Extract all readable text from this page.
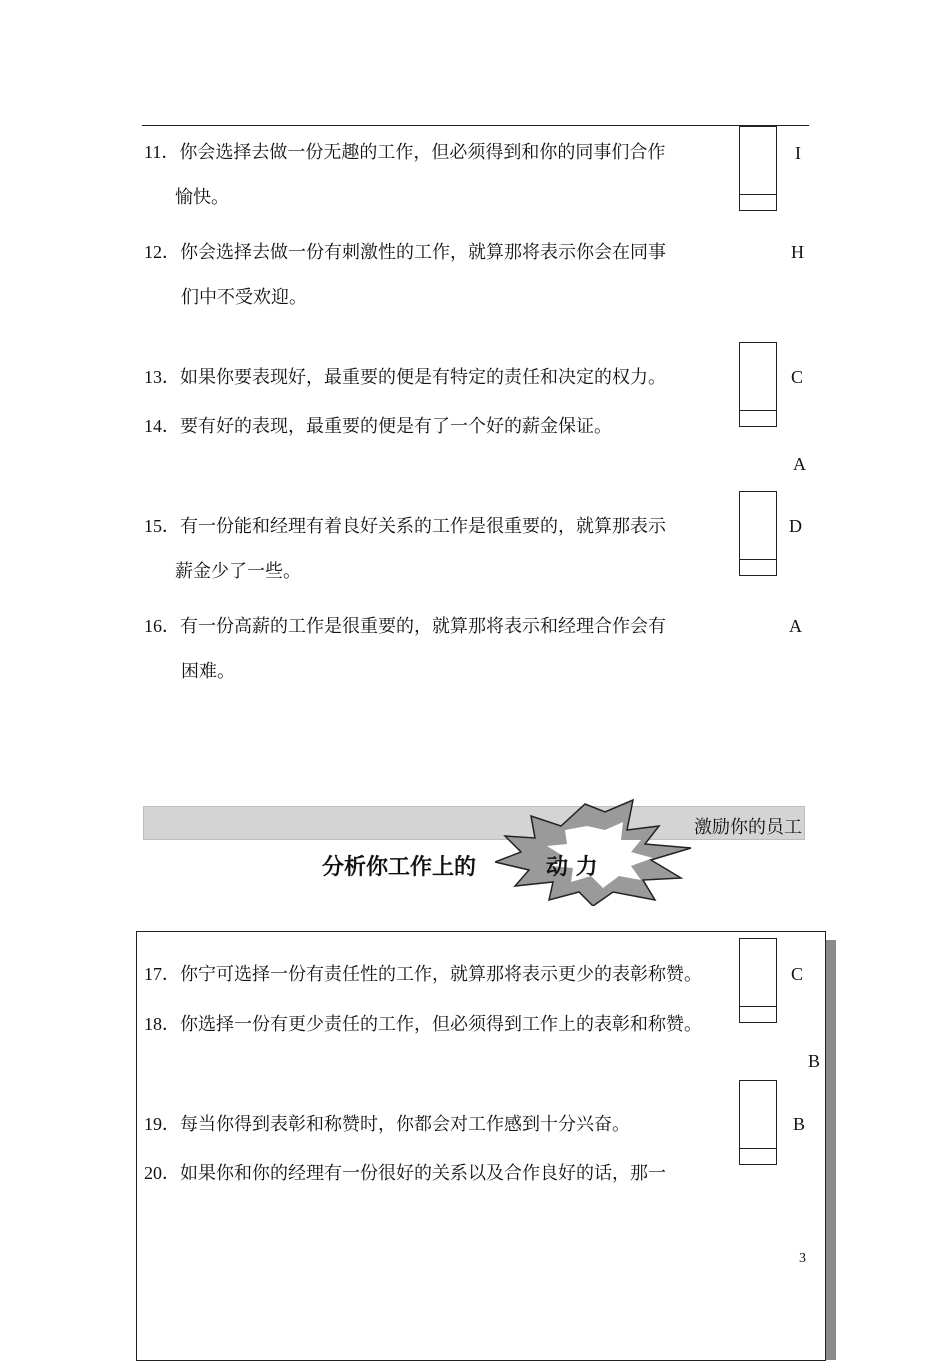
11．你会选择去做一份无趣的工作，但必须得到和你的同事们合作
愉快。
I
12．你会选择去做一份有刺激性的工作，就算那将表示你会在同事
们中不受欢迎。
H
13．如果你要表现好，最重要的便是有特定的责任和决定的权力。	C
14．要有好的表现，最重要的便是有了一个好的薪金保证。
A
15．有一份能和经理有着良好关系的工作是很重要的，就算那表示
薪金少了一些。
D
16．有一份高薪的工作是很重要的，就算那将表示和经理合作会有
困难。
A
激励你的员工
分析你工作上的	动 力
17．你宁可选择一份有责任性的工作，就算那将表示更少的表彰称赞。	C
18．你选择一份有更少责任的工作，但必须得到工作上的表彰和称赞。
B
19．每当你得到表彰和称赞时，你都会对工作感到十分兴奋。	B
20．如果你和你的经理有一份很好的关系以及合作良好的话，那一
3
